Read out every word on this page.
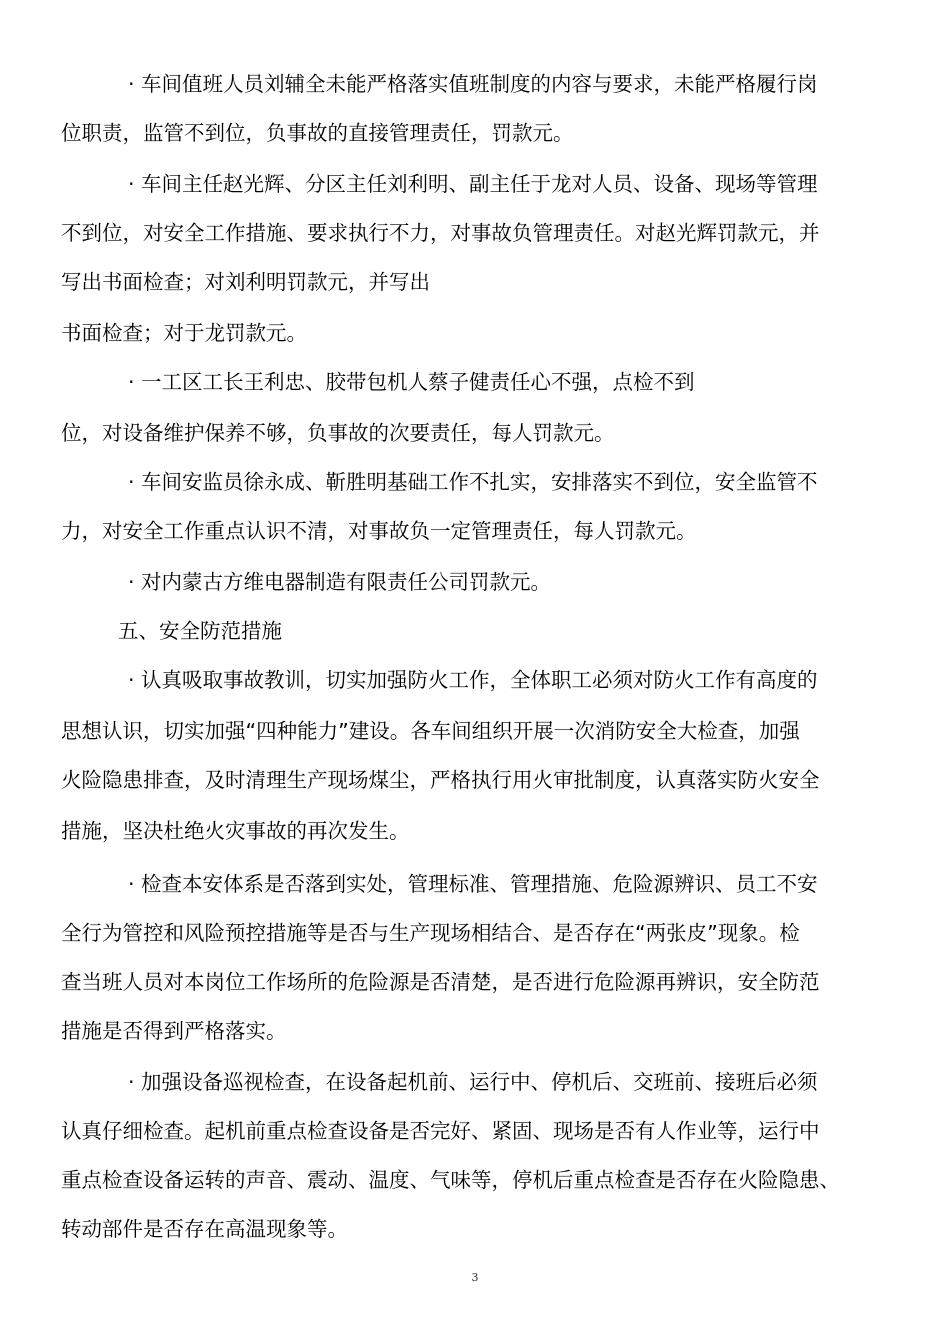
· 车间值班人员刘辅全未能严格落实值班制度的内容与要求，未能严格履行岗
位职责，监管不到位，负事故的直接管理责任，罚款元。
· 车间主任赵光辉、分区主任刘利明、副主任于龙对人员、设备、现场等管理
不到位，对安全工作措施、要求执行不力，对事故负管理责任。对赵光辉罚款元，并
写出书面检查；对刘利明罚款元，并写出
书面检查；对于龙罚款元。
· 一工区工长王利忠、胶带包机人蔡子健责任心不强，点检不到
位，对设备维护保养不够，负事故的次要责任，每人罚款元。
· 车间安监员徐永成、靳胜明基础工作不扎实，安排落实不到位，安全监管不
力，对安全工作重点认识不清，对事故负一定管理责任，每人罚款元。
· 对内蒙古方维电器制造有限责任公司罚款元。
五、安全防范措施
· 认真吸取事故教训，切实加强防火工作，全体职工必须对防火工作有高度的
思想认识，切实加强“四种能力”建设。各车间组织开展一次消防安全大检查，加强
火险隐患排查，及时清理生产现场煤尘，严格执行用火审批制度，认真落实防火安全
措施，坚决杜绝火灾事故的再次发生。
· 检查本安体系是否落到实处，管理标准、管理措施、危险源辨识、员工不安
全行为管控和风险预控措施等是否与生产现场相结合、是否存在“两张皮”现象。检
查当班人员对本岗位工作场所的危险源是否清楚，是否进行危险源再辨识，安全防范
措施是否得到严格落实。
· 加强设备巡视检查，在设备起机前、运行中、停机后、交班前、接班后必须
认真仔细检查。起机前重点检查设备是否完好、紧固、现场是否有人作业等，运行中
重点检查设备运转的声音、震动、温度、气味等，停机后重点检查是否存在火险隐患、
转动部件是否存在高温现象等。
3
